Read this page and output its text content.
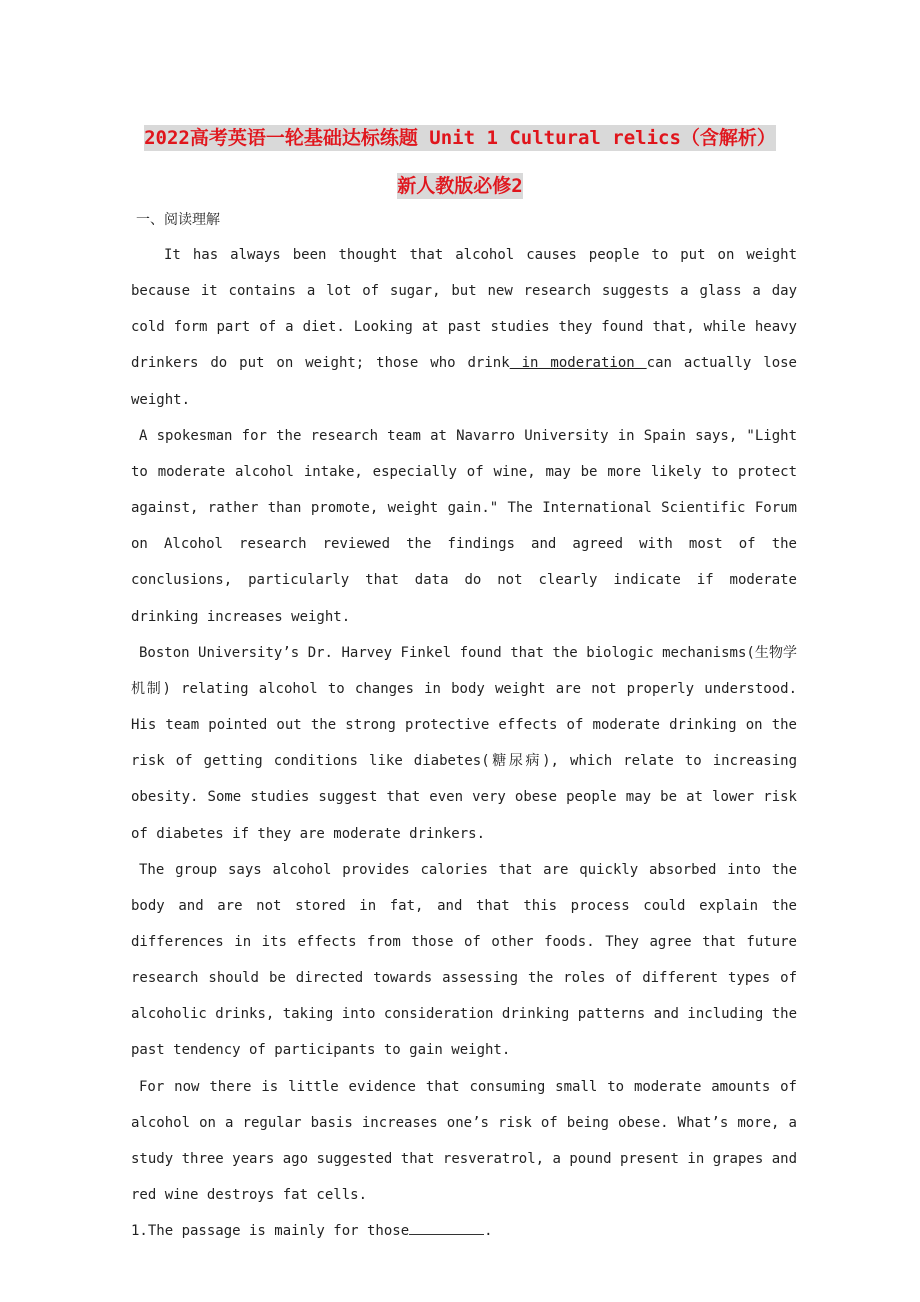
2022高考英语一轮基础达标练题 Unit 1 Cultural relics（含解析）
新人教版必修2
一、阅读理解

It has always been thought that alcohol causes people to put on weight because it contains a lot of sugar, but new research suggests a glass a day cold form part of a diet. Looking at past studies they found that, while heavy drinkers do put on weight; those who drink in moderation can actually lose weight.

A spokesman for the research team at Navarro University in Spain says, "Light to moderate alcohol intake, especially of wine, may be more likely to protect against, rather than promote, weight gain." The International Scientific Forum on Alcohol research reviewed the findings and agreed with most of the conclusions, particularly that data do not clearly indicate if moderate drinking increases weight.

Boston University’s Dr. Harvey Finkel found that the biologic mechanisms(生物学机制) relating alcohol to changes in body weight are not properly understood. His team pointed out the strong protective effects of moderate drinking on the risk of getting conditions like diabetes(糖尿病), which relate to increasing obesity. Some studies suggest that even very obese people may be at lower risk of diabetes if they are moderate drinkers.

The group says alcohol provides calories that are quickly absorbed into the body and are not stored in fat, and that this process could explain the differences in its effects from those of other foods. They agree that future research should be directed towards assessing the roles of different types of alcoholic drinks, taking into consideration drinking patterns and including the past tendency of participants to gain weight.

For now there is little evidence that consuming small to moderate amounts of alcohol on a regular basis increases one’s risk of being obese. What’s more, a study three years ago suggested that resveratrol, a pound present in grapes and red wine destroys fat cells.

1.The passage is mainly for those	.
